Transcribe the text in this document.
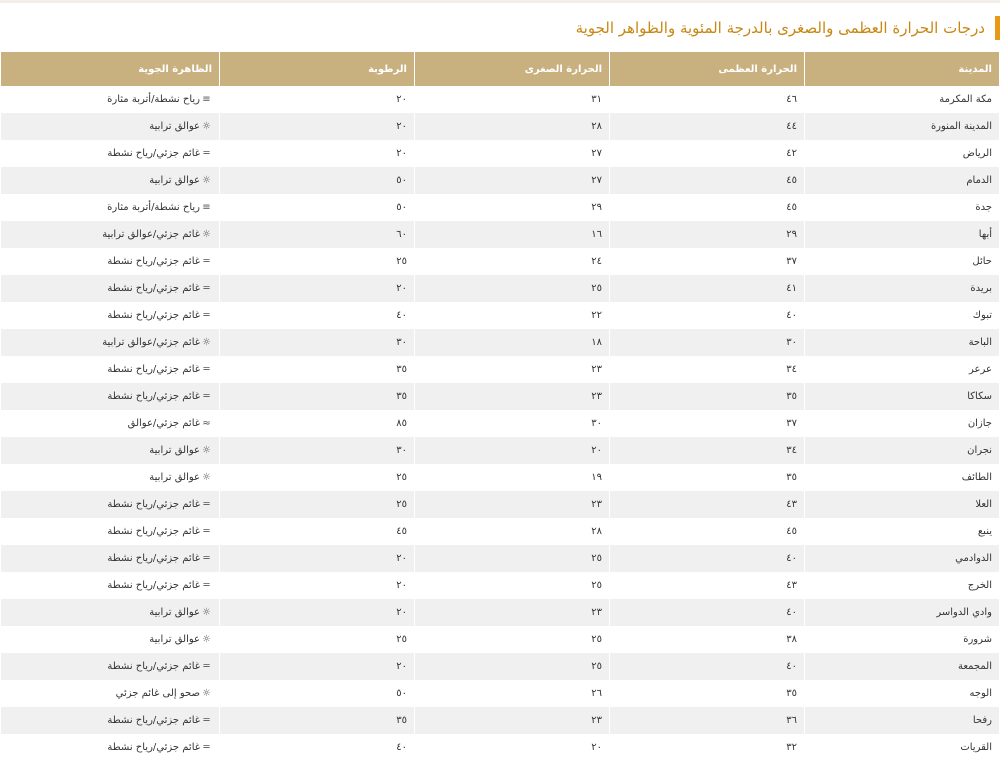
درجات الحرارة العظمى والصغرى بالدرجة المئوية والظواهر الجوية
المدينة	الحرارة العظمى	الحرارة الصغرى	الرطوبة	الظاهرة الجوية
مكة المكرمة	٤٦	٣١	٢٠	≡رياح نشطة/أتربة مثارة
المدينة المنورة	٤٤	٢٨	٢٠	☼عوالق ترابية
الرياض	٤٢	٢٧	٢٠	═غائم جزئي/رياح نشطة
الدمام	٤٥	٢٧	٥٠	☼عوالق ترابية
جدة	٤٥	٢٩	٥٠	≡رياح نشطة/أتربة مثارة
أبها	٢٩	١٦	٦٠	☼غائم جزئي/عوالق ترابية
حائل	٣٧	٢٤	٢٥	═غائم جزئي/رياح نشطة
بريدة	٤١	٢٥	٢٠	═غائم جزئي/رياح نشطة
تبوك	٤٠	٢٢	٤٠	═غائم جزئي/رياح نشطة
الباحة	٣٠	١٨	٣٠	☼غائم جزئي/عوالق ترابية
عرعر	٣٤	٢٣	٣٥	═غائم جزئي/رياح نشطة
سكاكا	٣٥	٢٣	٣٥	═غائم جزئي/رياح نشطة
جازان	٣٧	٣٠	٨٥	≈غائم جزئي/عوالق
نجران	٣٤	٢٠	٣٠	☼عوالق ترابية
الطائف	٣٥	١٩	٢٥	☼عوالق ترابية
العلا	٤٣	٢٣	٢٥	═غائم جزئي/رياح نشطة
ينبع	٤٥	٢٨	٤٥	═غائم جزئي/رياح نشطة
الدوادمي	٤٠	٢٥	٢٠	═غائم جزئي/رياح نشطة
الخرج	٤٣	٢٥	٢٠	═غائم جزئي/رياح نشطة
وادي الدواسر	٤٠	٢٣	٢٠	☼عوالق ترابية
شرورة	٣٨	٢٥	٢٥	☼عوالق ترابية
المجمعة	٤٠	٢٥	٢٠	═غائم جزئي/رياح نشطة
الوجه	٣٥	٢٦	٥٠	☼صحو إلى غائم جزئي
رفحا	٣٦	٢٣	٣٥	═غائم جزئي/رياح نشطة
القريات	٣٢	٢٠	٤٠	═غائم جزئي/رياح نشطة
